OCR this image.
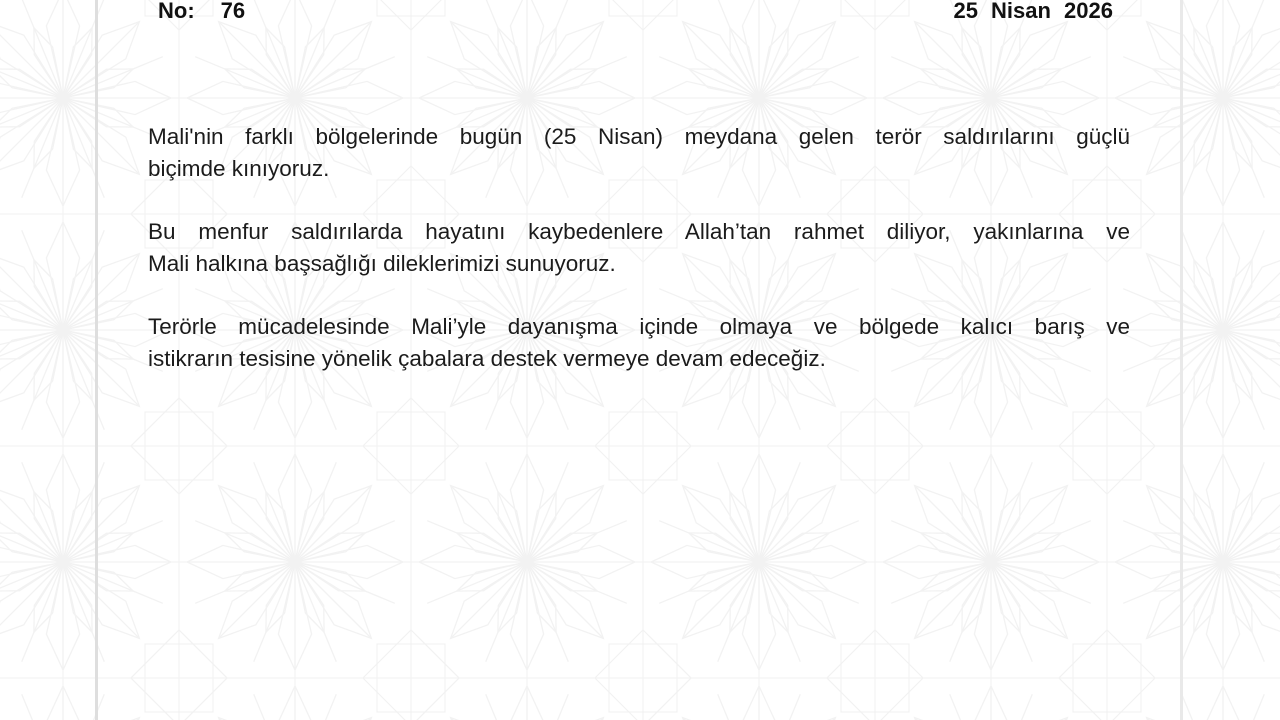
No: 76	25 Nisan 2026

Mali'nin farklı bölgelerinde bugün (25 Nisan) meydana gelen terör saldırılarını güçlü
biçimde kınıyoruz.

Bu menfur saldırılarda hayatını kaybedenlere Allah’tan rahmet diliyor, yakınlarına ve
Mali halkına başsağlığı dileklerimizi sunuyoruz.

Terörle mücadelesinde Mali’yle dayanışma içinde olmaya ve bölgede kalıcı barış ve
istikrarın tesisine yönelik çabalara destek vermeye devam edeceğiz.
